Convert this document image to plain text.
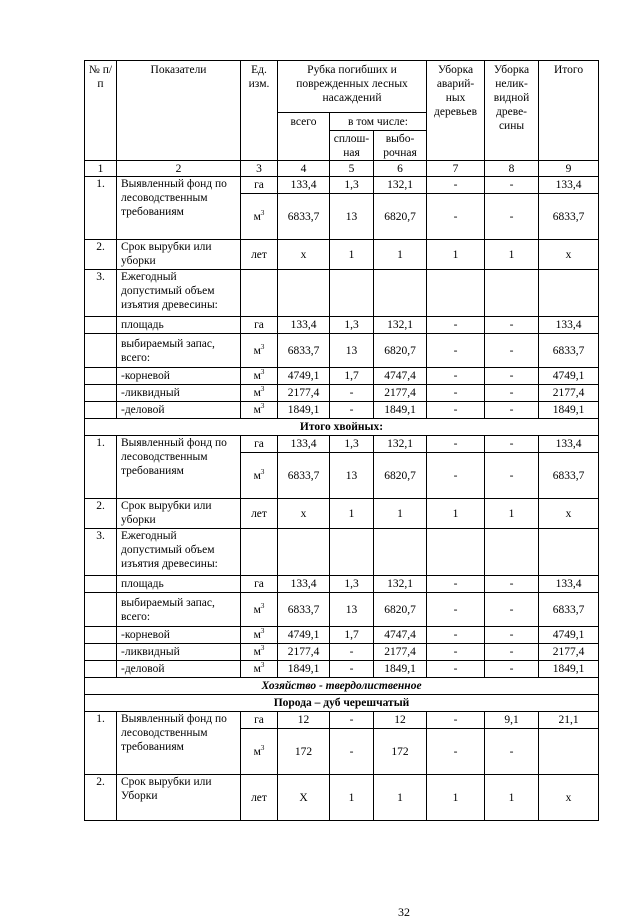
№ п/п	Показатели	Ед. изм.	Рубка погибших и поврежденных лесных насаждений			Уборка аварий-ных деревьев	Уборка нелик-видной древе-сины	Итого
			всего	в том числе:				
				сплош-ная	выбо-рочная			
1	2	3	4	5	6	7	8	9
1.	Выявленный фонд по лесоводственным требованиям	га	133,4	1,3	132,1	-	-	133,4
		$м^3$	6833,7	13	6820,7	-	-	6833,7
2.	Срок вырубки или уборки	лет	х	1	1	1	1	х
3.	Ежегодный допустимый объем изъятия древесины:							
	площадь	га	133,4	1,3	132,1	-	-	133,4
	выбираемый запас, всего:	$м^3$	6833,7	13	6820,7	-	-	6833,7
	-корневой	$м^3$	4749,1	1,7	4747,4	-	-	4749,1
	-ликвидный	$м^3$	2177,4	-	2177,4	-	-	2177,4
	-деловой	$м^3$	1849,1	-	1849,1	-	-	1849,1
Итого хвойных:								
1.	Выявленный фонд по лесоводственным требованиям	га	133,4	1,3	132,1	-	-	133,4
		$м^3$	6833,7	13	6820,7	-	-	6833,7
2.	Срок вырубки или уборки	лет	х	1	1	1	1	х
3.	Ежегодный допустимый объем изъятия древесины:							
	площадь	га	133,4	1,3	132,1	-	-	133,4
	выбираемый запас, всего:	$м^3$	6833,7	13	6820,7	-	-	6833,7
	-корневой	$м^3$	4749,1	1,7	4747,4	-	-	4749,1
	-ликвидный	$м^3$	2177,4	-	2177,4	-	-	2177,4
	-деловой	$м^3$	1849,1	-	1849,1	-	-	1849,1
Хозяйство - твердолиственное								
Порода – дуб черешчатый								
1.	Выявленный фонд по лесоводственным требованиям	га	12	-	12	-	9,1	21,1
		$м^3$	172	-	172	-	-	
2.	Срок вырубки или Уборки	лет	Х	1	1	1	1	х
32
